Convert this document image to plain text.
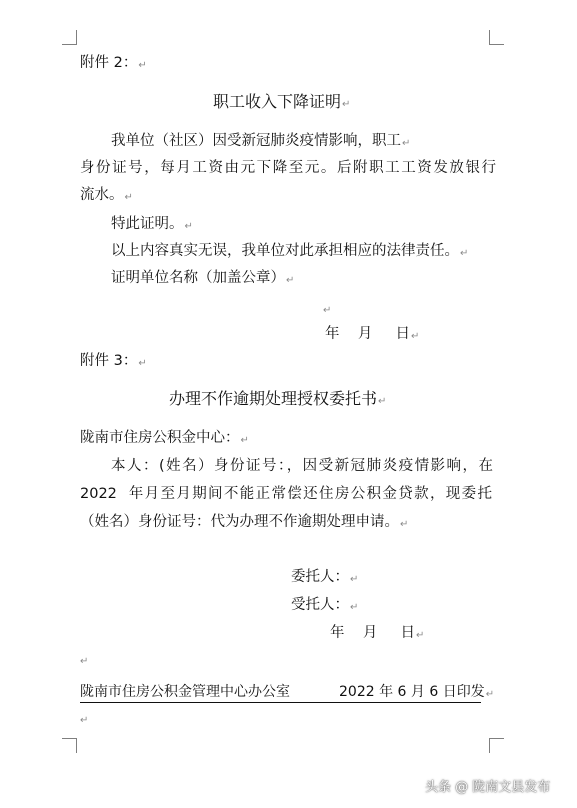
附件 2：↵
职工收入下降证明↵
我单位（社区）因受新冠肺炎疫情影响，职工↵
身份证号，每月工资由元下降至元。后附职工工资发放银行
流水。↵
特此证明。↵
以上内容真实无误，我单位对此承担相应的法律责任。↵
证明单位名称（加盖公章）↵
↵
年    月     日↵
附件 3：↵
办理不作逾期处理授权委托书↵
陇南市住房公积金中心：↵
本人：(姓名）身份证号：，因受新冠肺炎疫情影响，在
2022  年月至月期间不能正常偿还住房公积金贷款，现委托
（姓名）身份证号：代为办理不作逾期处理申请。↵
委托人：↵
受托人：↵
年    月     日↵
↵
陇南市住房公积金管理中心办公室	2022 年 6 月 6 日印发↵
↵
头条 @ 陇南文县发布
